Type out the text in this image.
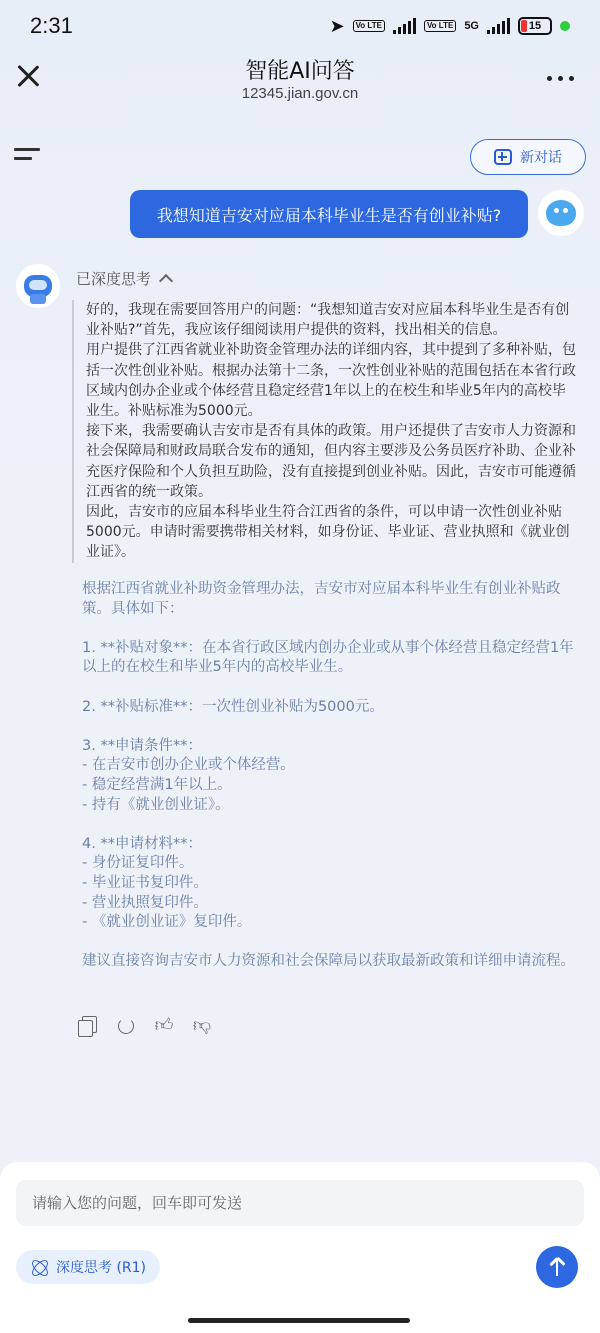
2:31	➤	Vo LTE	Vo LTE 5G	15
智能AI问答
12345.jian.gov.cn
新对话
我想知道吉安对应届本科毕业生是否有创业补贴?
已深度思考

好的，我现在需要回答用户的问题：“我想知道吉安对应届本科毕业生是否有创业补贴?”首先，我应该仔细阅读用户提供的资料，找出相关的信息。

用户提供了江西省就业补助资金管理办法的详细内容，其中提到了多种补贴，包括一次性创业补贴。根据办法第十二条，一次性创业补贴的范围包括在本省行政区域内创办企业或个体经营且稳定经营1年以上的在校生和毕业5年内的高校毕业生。补贴标准为5000元。

接下来，我需要确认吉安市是否有具体的政策。用户还提供了吉安市人力资源和社会保障局和财政局联合发布的通知，但内容主要涉及公务员医疗补助、企业补充医疗保险和个人负担互助险，没有直接提到创业补贴。因此，吉安市可能遵循江西省的统一政策。

因此，吉安市的应届本科毕业生符合江西省的条件，可以申请一次性创业补贴5000元。申请时需要携带相关材料，如身份证、毕业证、营业执照和《就业创业证》。

根据江西省就业补助资金管理办法，吉安市对应届本科毕业生有创业补贴政策。具体如下：

1. **补贴对象**：在本省行政区域内创办企业或从事个体经营且稳定经营1年以上的在校生和毕业5年内的高校毕业生。

2. **补贴标准**：一次性创业补贴为5000元。

3. **申请条件**：

- 在吉安市创办企业或个体经营。

- 稳定经营满1年以上。

- 持有《就业创业证》。

4. **申请材料**：

- 身份证复印件。

- 毕业证书复印件。

- 营业执照复印件。

- 《就业创业证》复印件。

建议直接咨询吉安市人力资源和社会保障局以获取最新政策和详细申请流程。

👍︎ 👎︎
请输入您的问题，回车即可发送
深度思考 (R1)
